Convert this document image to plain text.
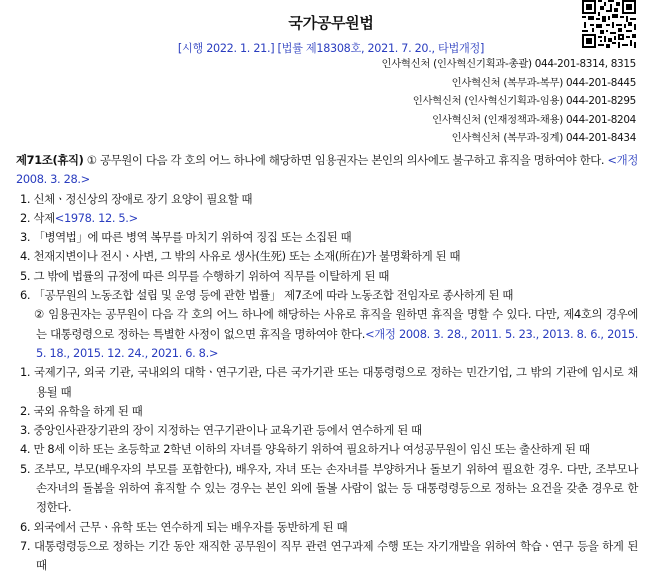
국가공무원법
[시행 2022. 1. 21.] [법률 제18308호, 2021. 7. 20., 타법개정]
인사혁신처 (인사혁신기획과-총괄) 044-201-8314, 8315
인사혁신처 (복무과-복무) 044-201-8445
인사혁신처 (인사혁신기획과-임용) 044-201-8295
인사혁신처 (인재정책과-채용) 044-201-8204
인사혁신처 (복무과-징계) 044-201-8434
제71조(휴직) ① 공무원이 다음 각 호의 어느 하나에 해당하면 임용권자는 본인의 의사에도 불구하고 휴직을 명하여야 한다. <개정 2008. 3. 28.>
1. 신체ㆍ정신상의 장애로 장기 요양이 필요할 때
2. 삭제<1978. 12. 5.>
3. 「병역법」에 따른 병역 복무를 마치기 위하여 징집 또는 소집된 때
4. 천재지변이나 전시ㆍ사변, 그 밖의 사유로 생사(生死) 또는 소재(所在)가 불명확하게 된 때
5. 그 밖에 법률의 규정에 따른 의무를 수행하기 위하여 직무를 이탈하게 된 때
6. 「공무원의 노동조합 설립 및 운영 등에 관한 법률」 제7조에 따라 노동조합 전임자로 종사하게 된 때
② 임용권자는 공무원이 다음 각 호의 어느 하나에 해당하는 사유로 휴직을 원하면 휴직을 명할 수 있다. 다만, 제4호의 경우에는 대통령령으로 정하는 특별한 사정이 없으면 휴직을 명하여야 한다.<개정 2008. 3. 28., 2011. 5. 23., 2013. 8. 6., 2015. 5. 18., 2015. 12. 24., 2021. 6. 8.>
1. 국제기구, 외국 기관, 국내외의 대학ㆍ연구기관, 다른 국가기관 또는 대통령령으로 정하는 민간기업, 그 밖의 기관에 임시로 채용될 때
2. 국외 유학을 하게 된 때
3. 중앙인사관장기관의 장이 지정하는 연구기관이나 교육기관 등에서 연수하게 된 때
4. 만 8세 이하 또는 초등학교 2학년 이하의 자녀를 양육하기 위하여 필요하거나 여성공무원이 임신 또는 출산하게 된 때
5. 조부모, 부모(배우자의 부모를 포함한다), 배우자, 자녀 또는 손자녀를 부양하거나 돌보기 위하여 필요한 경우. 다만, 조부모나 손자녀의 돌봄을 위하여 휴직할 수 있는 경우는 본인 외에 돌볼 사람이 없는 등 대통령령등으로 정하는 요건을 갖춘 경우로 한정한다.
6. 외국에서 근무ㆍ유학 또는 연수하게 되는 배우자를 동반하게 된 때
7. 대통령령등으로 정하는 기간 동안 재직한 공무원이 직무 관련 연구과제 수행 또는 자기개발을 위하여 학습ㆍ연구 등을 하게 된 때
